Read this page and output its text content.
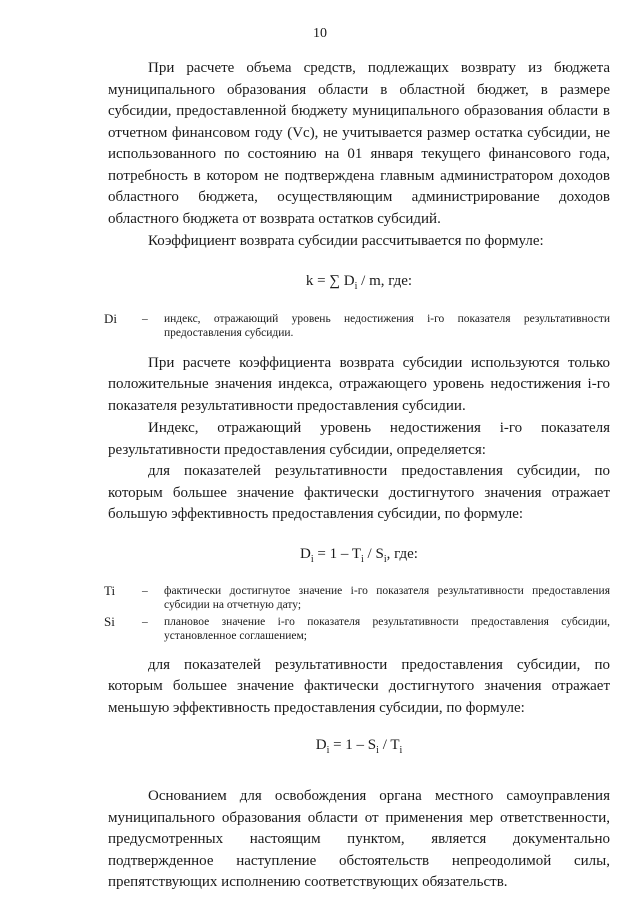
10

При расчете объема средств, подлежащих возврату из бюджета муниципального образования области в областной бюджет, в размере субсидии, предоставленной бюджету муниципального образования области в отчетном финансовом году (Vc), не учитывается размер остатка субсидии, не использованного по состоянию на 01 января текущего финансового года, потребность в котором не подтверждена главным администратором доходов областного бюджета, осуществляющим администрирование доходов областного бюджета от возврата остатков субсидий.

Коэффициент возврата субсидии рассчитывается по формуле:

k = ∑ $D_i$ / m, где:

Di	–	индекс, отражающий уровень недостижения i-го показателя результативности предоставления субсидии.

При расчете коэффициента возврата субсидии используются только положительные значения индекса, отражающего уровень недостижения i-го показателя результативности предоставления субсидии.

Индекс, отражающий уровень недостижения i-го показателя результативности предоставления субсидии, определяется:

для показателей результативности предоставления субсидии, по которым большее значение фактически достигнутого значения отражает большую эффективность предоставления субсидии, по формуле:

$D_i = 1 - T_i / S_i$, где:

Ti	–	фактически достигнутое значение i-го показателя результативности предоставления субсидии на отчетную дату;
Si	–	плановое значение i-го показателя результативности предоставления субсидии, установленное соглашением;

для показателей результативности предоставления субсидии, по которым большее значение фактически достигнутого значения отражает меньшую эффективность предоставления субсидии, по формуле:

$D_i = 1 - S_i / T_i$

Основанием для освобождения органа местного самоуправления муниципального образования области от применения мер ответственности, предусмотренных настоящим пунктом, является документально подтвержденное наступление обстоятельств непреодолимой силы, препятствующих исполнению соответствующих обязательств.
